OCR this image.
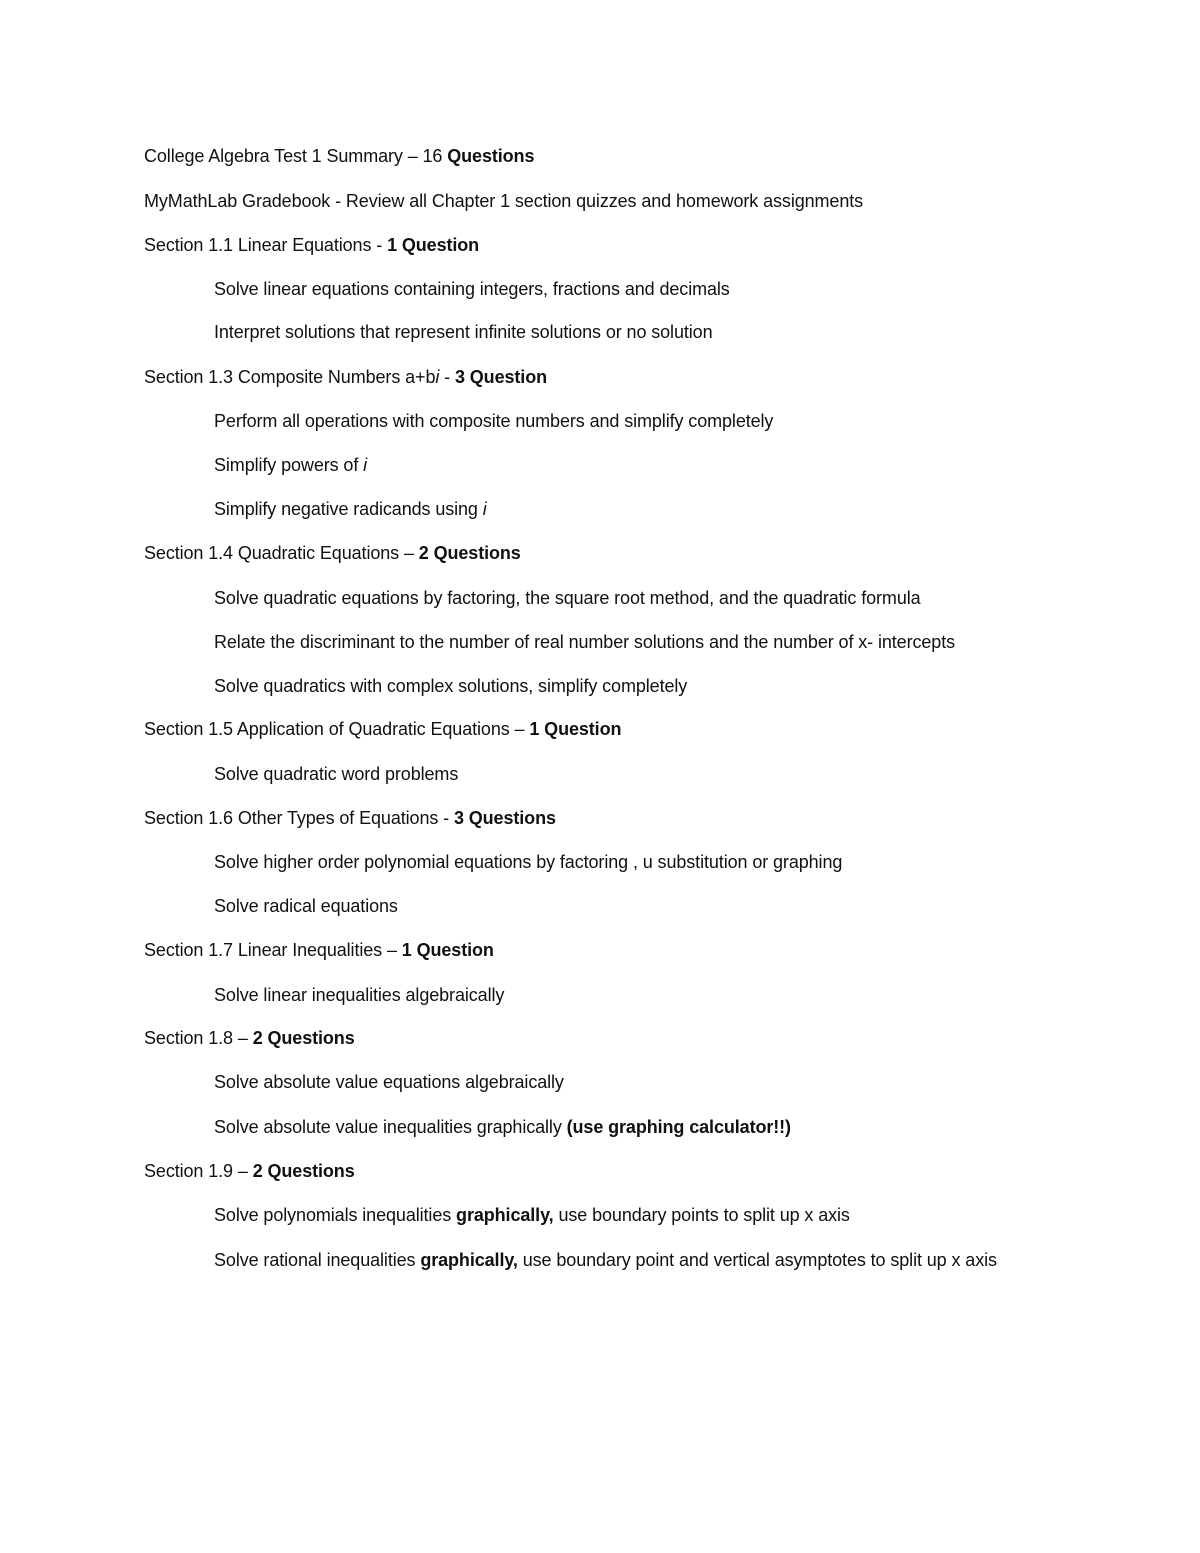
College Algebra Test 1 Summary – 16 Questions
MyMathLab Gradebook - Review all Chapter 1 section quizzes and homework assignments
Section 1.1 Linear Equations - 1 Question
Solve linear equations containing integers, fractions and decimals
Interpret solutions that represent infinite solutions or no solution
Section 1.3 Composite Numbers a+bi - 3 Question
Perform all operations with composite numbers and simplify completely
Simplify powers of i
Simplify negative radicands using i
Section 1.4 Quadratic Equations – 2 Questions
Solve quadratic equations by factoring, the square root method, and the quadratic formula
Relate the discriminant to the number of real number solutions and the number of x- intercepts
Solve quadratics with complex solutions, simplify completely
Section 1.5 Application of Quadratic Equations – 1 Question
Solve quadratic word problems
Section 1.6 Other Types of Equations - 3 Questions
Solve higher order polynomial equations by factoring , u substitution or graphing
Solve radical equations
Section 1.7 Linear Inequalities – 1 Question
Solve linear inequalities algebraically
Section 1.8 – 2 Questions
Solve absolute value equations algebraically
Solve absolute value inequalities graphically (use graphing calculator!!)
Section 1.9 – 2 Questions
Solve polynomials inequalities graphically, use boundary points to split up x axis
Solve rational inequalities graphically, use boundary point and vertical asymptotes to split up x axis
